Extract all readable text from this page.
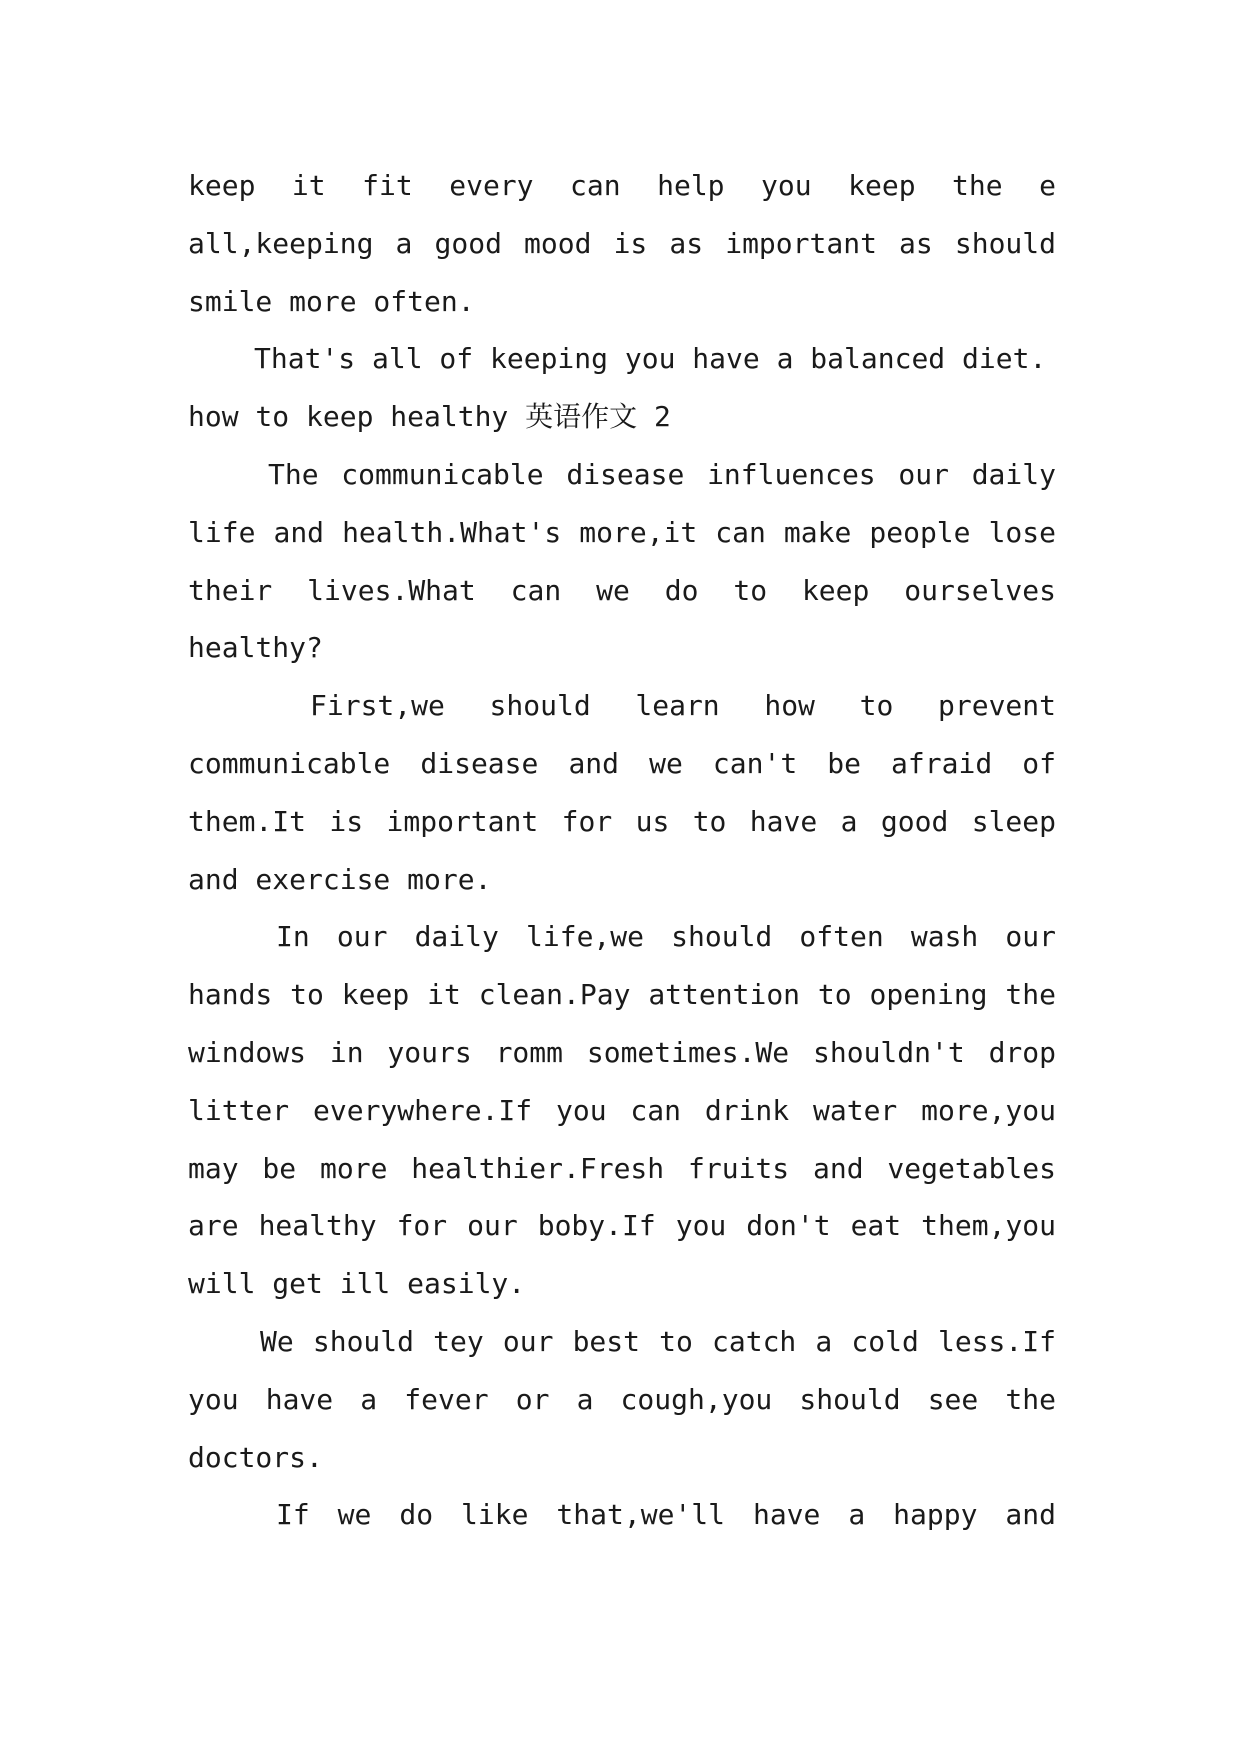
keep it fit every can help you keep the e
all,keeping a good mood is as important as should
smile more often.
That's all of keeping you have a balanced diet.
how to keep healthy 英语作文 2
The communicable disease influences our daily
life and health.What's more,it can make people lose
their lives.What can we do to keep ourselves
healthy?
First,we should learn how to prevent
communicable disease and we can't be afraid of
them.It is important for us to have a good sleep
and exercise more.
In our daily life,we should often wash our
hands to keep it clean.Pay attention to opening the
windows in yours romm sometimes.We shouldn't drop
litter everywhere.If you can drink water more,you
may be more healthier.Fresh fruits and vegetables
are healthy for our boby.If you don't eat them,you
will get ill easily.
We should tey our best to catch a cold less.If
you have a fever or a cough,you should see the
doctors.
If we do like that,we'll have a happy and
